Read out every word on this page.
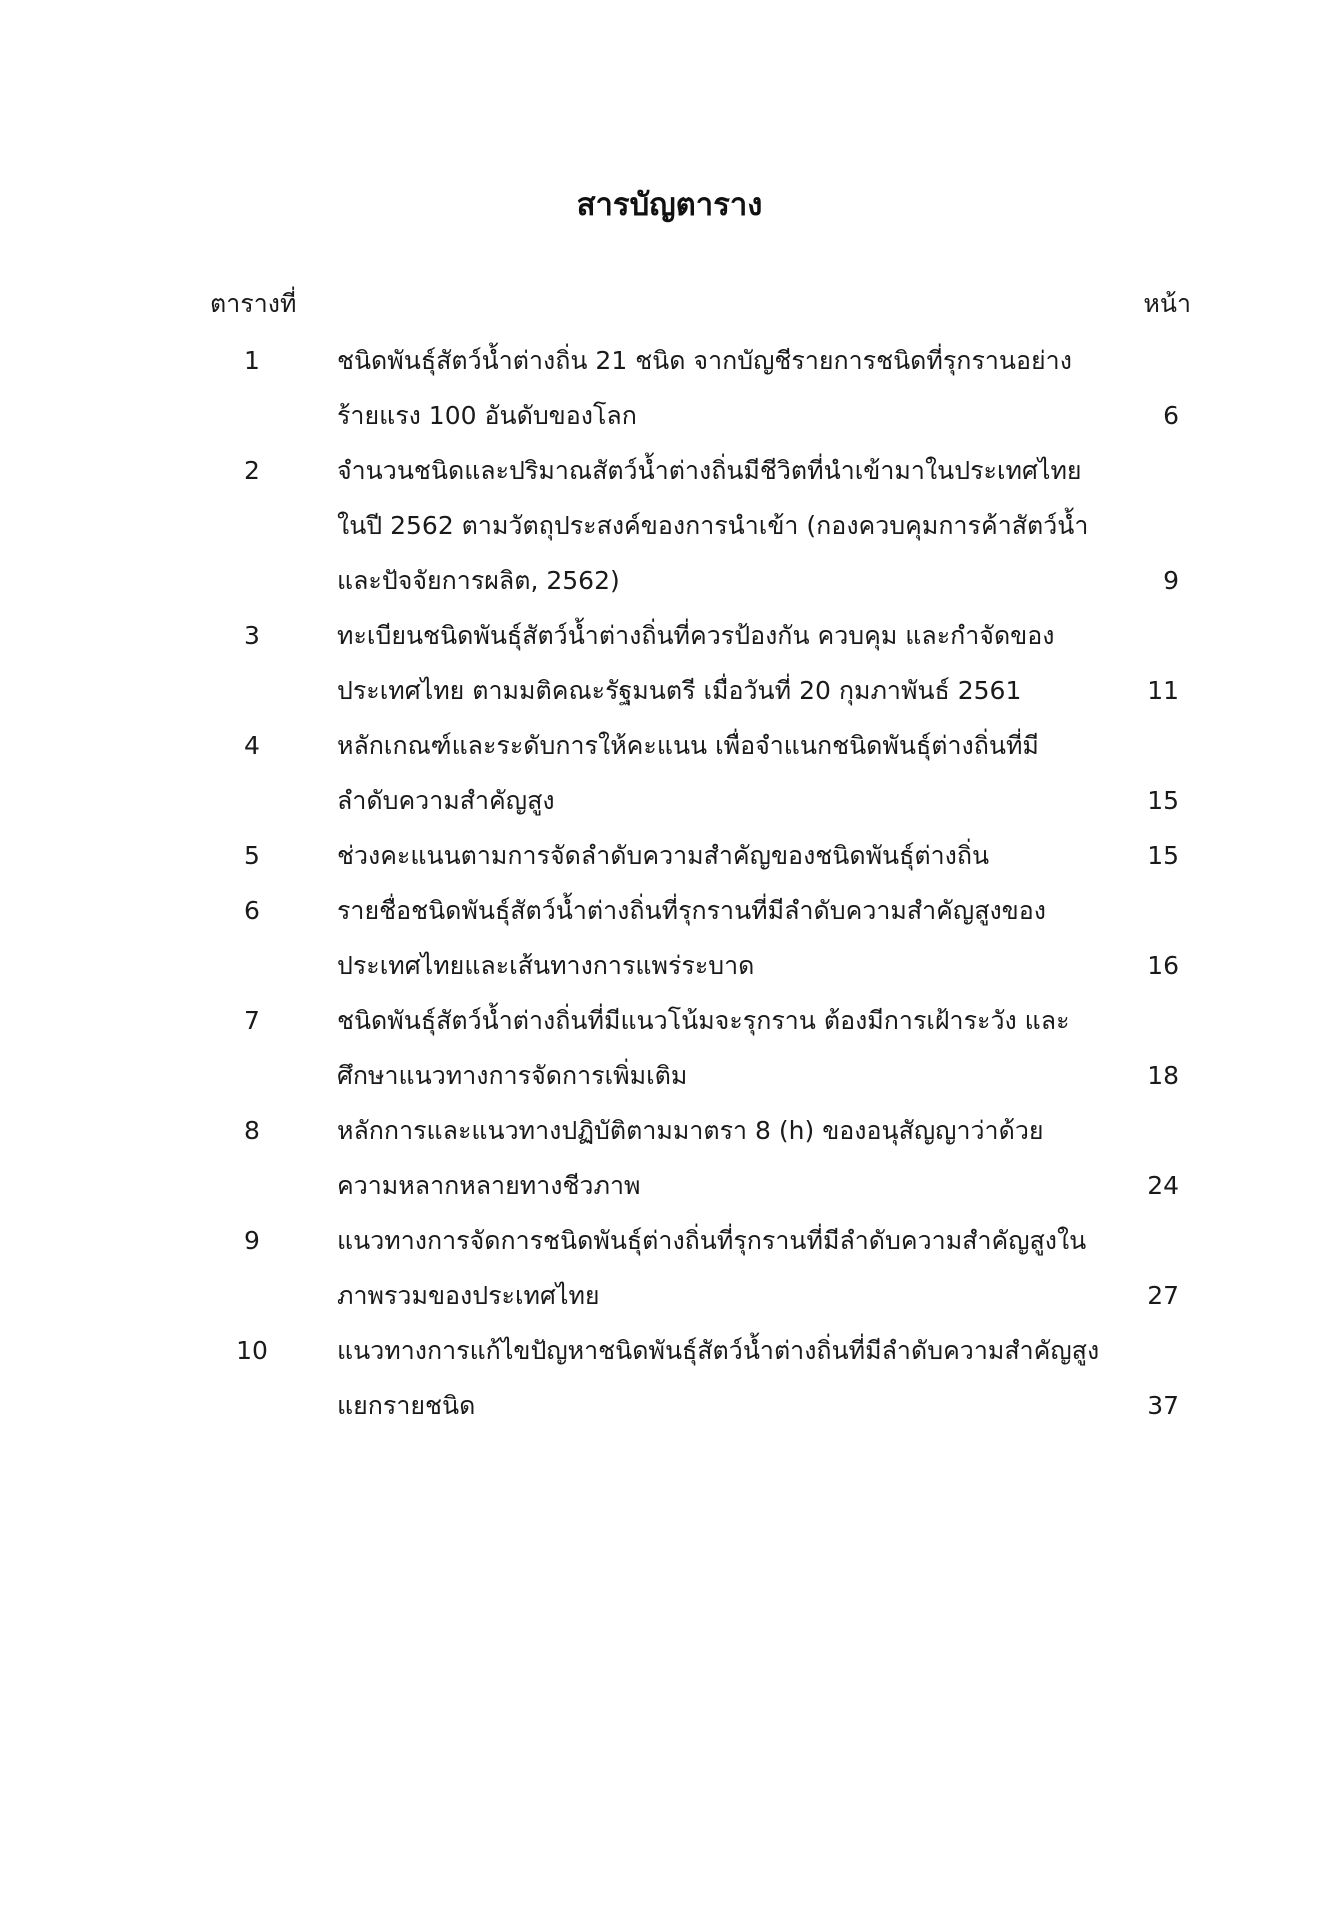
สารบัญตาราง
ตารางที่	หน้า
1	ชนิดพันธุ์สัตว์น้ำต่างถิ่น 21 ชนิด จากบัญชีรายการชนิดที่รุกรานอย่าง
ร้ายแรง 100 อันดับของโลก	6
2	จำนวนชนิดและปริมาณสัตว์น้ำต่างถิ่นมีชีวิตที่นำเข้ามาในประเทศไทย
ในปี 2562 ตามวัตถุประสงค์ของการนำเข้า (กองควบคุมการค้าสัตว์น้ำ
และปัจจัยการผลิต, 2562)	9
3	ทะเบียนชนิดพันธุ์สัตว์น้ำต่างถิ่นที่ควรป้องกัน ควบคุม และกำจัดของ
ประเทศไทย ตามมติคณะรัฐมนตรี เมื่อวันที่ 20 กุมภาพันธ์ 2561	11
4	หลักเกณฑ์และระดับการให้คะแนน เพื่อจำแนกชนิดพันธุ์ต่างถิ่นที่มี
ลำดับความสำคัญสูง	15
5	ช่วงคะแนนตามการจัดลำดับความสำคัญของชนิดพันธุ์ต่างถิ่น	15
6	รายชื่อชนิดพันธุ์สัตว์น้ำต่างถิ่นที่รุกรานที่มีลำดับความสำคัญสูงของ
ประเทศไทยและเส้นทางการแพร่ระบาด	16
7	ชนิดพันธุ์สัตว์น้ำต่างถิ่นที่มีแนวโน้มจะรุกราน ต้องมีการเฝ้าระวัง และ
ศึกษาแนวทางการจัดการเพิ่มเติม	18
8	หลักการและแนวทางปฏิบัติตามมาตรา 8 (h) ของอนุสัญญาว่าด้วย
ความหลากหลายทางชีวภาพ	24
9	แนวทางการจัดการชนิดพันธุ์ต่างถิ่นที่รุกรานที่มีลำดับความสำคัญสูงใน
ภาพรวมของประเทศไทย	27
10	แนวทางการแก้ไขปัญหาชนิดพันธุ์สัตว์น้ำต่างถิ่นที่มีลำดับความสำคัญสูง
แยกรายชนิด	37
